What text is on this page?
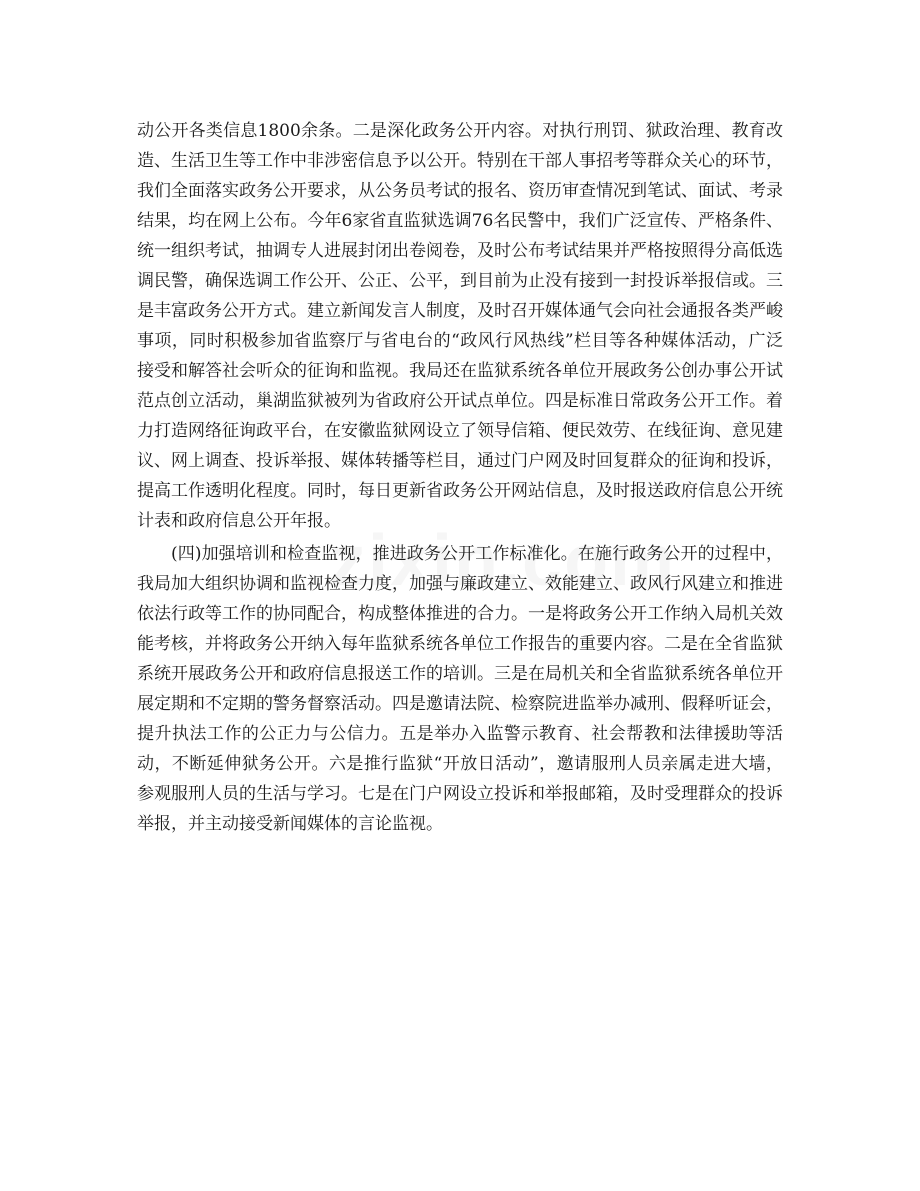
动公开各类信息1800余条。二是深化政务公开内容。对执行刑罚、狱政治理、教育改造、生活卫生等工作中非涉密信息予以公开。特别在干部人事招考等群众关心的环节，我们全面落实政务公开要求，从公务员考试的报名、资历审查情况到笔试、面试、考录结果，均在网上公布。今年6家省直监狱选调76名民警中，我们广泛宣传、严格条件、统一组织考试，抽调专人进展封闭出卷阅卷，及时公布考试结果并严格按照得分高低选调民警，确保选调工作公开、公正、公平，到目前为止没有接到一封投诉举报信或。三是丰富政务公开方式。建立新闻发言人制度，及时召开媒体通气会向社会通报各类严峻事项，同时积极参加省监察厅与省电台的“政风行风热线”栏目等各种媒体活动，广泛接受和解答社会听众的征询和监视。我局还在监狱系统各单位开展政务公创办事公开试范点创立活动，巢湖监狱被列为省政府公开试点单位。四是标准日常政务公开工作。着力打造网络征询政平台，在安徽监狱网设立了领导信箱、便民效劳、在线征询、意见建议、网上调查、投诉举报、媒体转播等栏目，通过门户网及时回复群众的征询和投诉，提高工作透明化程度。同时，每日更新省政务公开网站信息，及时报送政府信息公开统计表和政府信息公开年报。

(四)加强培训和检查监视，推进政务公开工作标准化。在施行政务公开的过程中，我局加大组织协调和监视检查力度，加强与廉政建立、效能建立、政风行风建立和推进依法行政等工作的协同配合，构成整体推进的合力。一是将政务公开工作纳入局机关效能考核，并将政务公开纳入每年监狱系统各单位工作报告的重要内容。二是在全省监狱系统开展政务公开和政府信息报送工作的培训。三是在局机关和全省监狱系统各单位开展定期和不定期的警务督察活动。四是邀请法院、检察院进监举办减刑、假释听证会，提升执法工作的公正力与公信力。五是举办入监警示教育、社会帮教和法律援助等活动，不断延伸狱务公开。六是推行监狱“开放日活动”，邀请服刑人员亲属走进大墙，参观服刑人员的生活与学习。七是在门户网设立投诉和举报邮箱，及时受理群众的投诉举报，并主动接受新闻媒体的言论监视。
